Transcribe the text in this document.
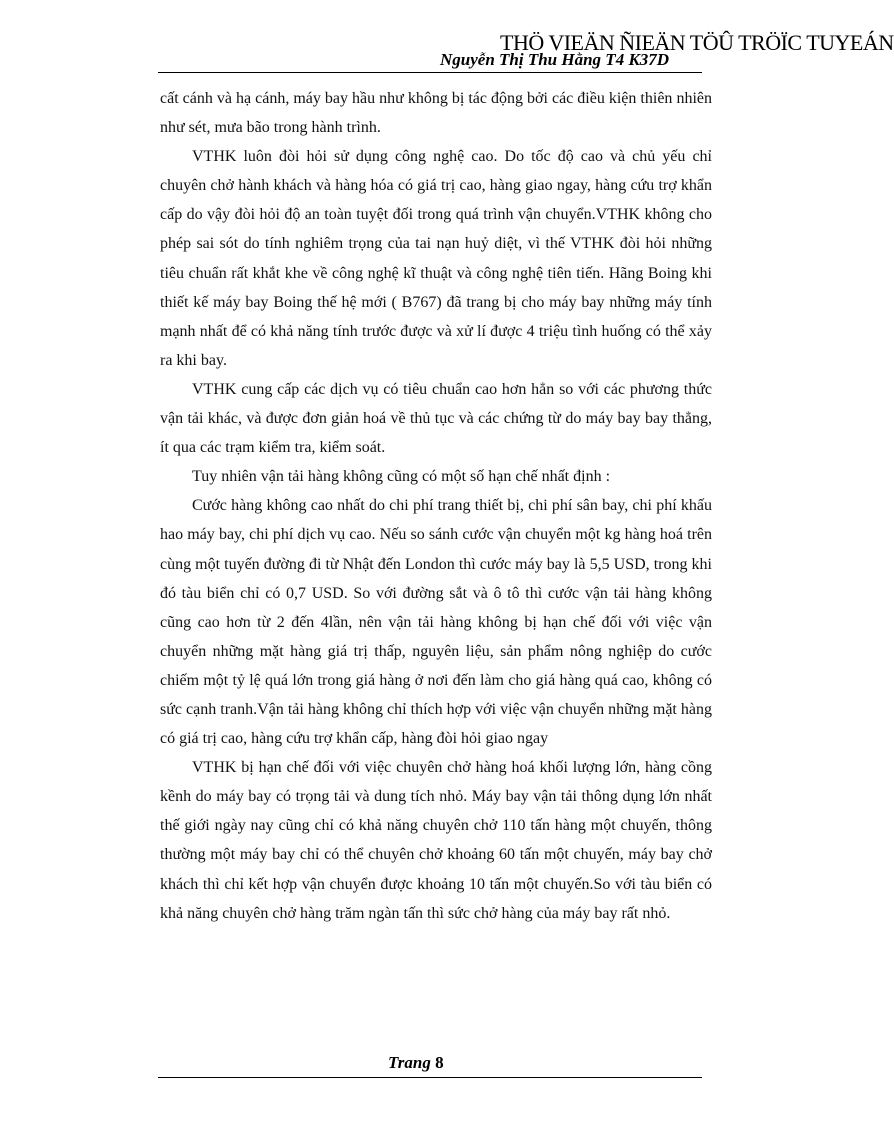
THÖ VIEÄN ÑIEÄN TÖÛ TRÖÏC TUYEÁN
Nguyễn Thị Thu Hằng T4 K37D

cất cánh và hạ cánh, máy bay hầu như không bị tác động bởi các điều kiện thiên nhiên như sét, mưa bão trong hành trình.

VTHK luôn đòi hỏi sử dụng công nghệ cao. Do tốc độ cao và chủ yếu chỉ chuyên chở hành khách và hàng hóa có giá trị cao, hàng giao ngay, hàng cứu trợ khẩn cấp do vậy đòi hỏi độ an toàn tuyệt đối trong quá trình vận chuyển.VTHK không cho phép sai sót do tính nghiêm trọng của tai nạn huỷ diệt, vì thế VTHK đòi hỏi những tiêu chuẩn rất khắt khe về công nghệ kĩ thuật và công nghệ tiên tiến. Hãng Boing khi thiết kế máy bay Boing thế hệ mới ( B767) đã trang bị cho máy bay những máy tính mạnh nhất để có khả năng tính trước được và xử lí được 4 triệu tình huống có thể xảy ra khi bay.

VTHK cung cấp các dịch vụ có tiêu chuẩn cao hơn hẳn so với các phương thức vận tải khác, và được đơn giản hoá về thủ tục và các chứng từ do máy bay bay thẳng, ít qua các trạm kiểm tra, kiểm soát.

Tuy nhiên vận tải hàng không cũng có một số hạn chế nhất định :

Cước hàng không cao nhất do chi phí trang thiết bị, chi phí sân bay, chi phí khấu hao máy bay, chi phí dịch vụ cao. Nếu so sánh cước vận chuyển một kg hàng hoá trên cùng một tuyến đường đi từ Nhật đến London thì cước máy bay là 5,5 USD, trong khi đó tàu biển chỉ có 0,7 USD. So với đường sắt và ô tô thì cước vận tải hàng không cũng cao hơn từ 2 đến 4lần, nên vận tải hàng không bị hạn chế đối với việc vận chuyển những mặt hàng giá trị thấp, nguyên liệu, sản phẩm nông nghiệp do cước chiếm một tỷ lệ quá lớn trong giá hàng ở nơi đến làm cho giá hàng quá cao, không có sức cạnh tranh.Vận tải hàng không chỉ thích hợp với việc vận chuyển những mặt hàng có giá trị cao, hàng cứu trợ khẩn cấp, hàng đòi hỏi giao ngay

VTHK bị hạn chế đối với việc chuyên chở hàng hoá khối lượng lớn, hàng cồng kềnh do máy bay có trọng tải và dung tích nhỏ. Máy bay vận tải thông dụng lớn nhất thế giới ngày nay cũng chỉ có khả năng chuyên chở 110 tấn hàng một chuyến, thông thường một máy bay chỉ có thể chuyên chở khoảng 60 tấn một chuyến, máy bay chở khách thì chỉ kết hợp vận chuyển được khoảng 10 tấn một chuyến.So với tàu biển có khả năng chuyên chở hàng trăm ngàn tấn thì sức chở hàng của máy bay rất nhỏ.

Trang 8
